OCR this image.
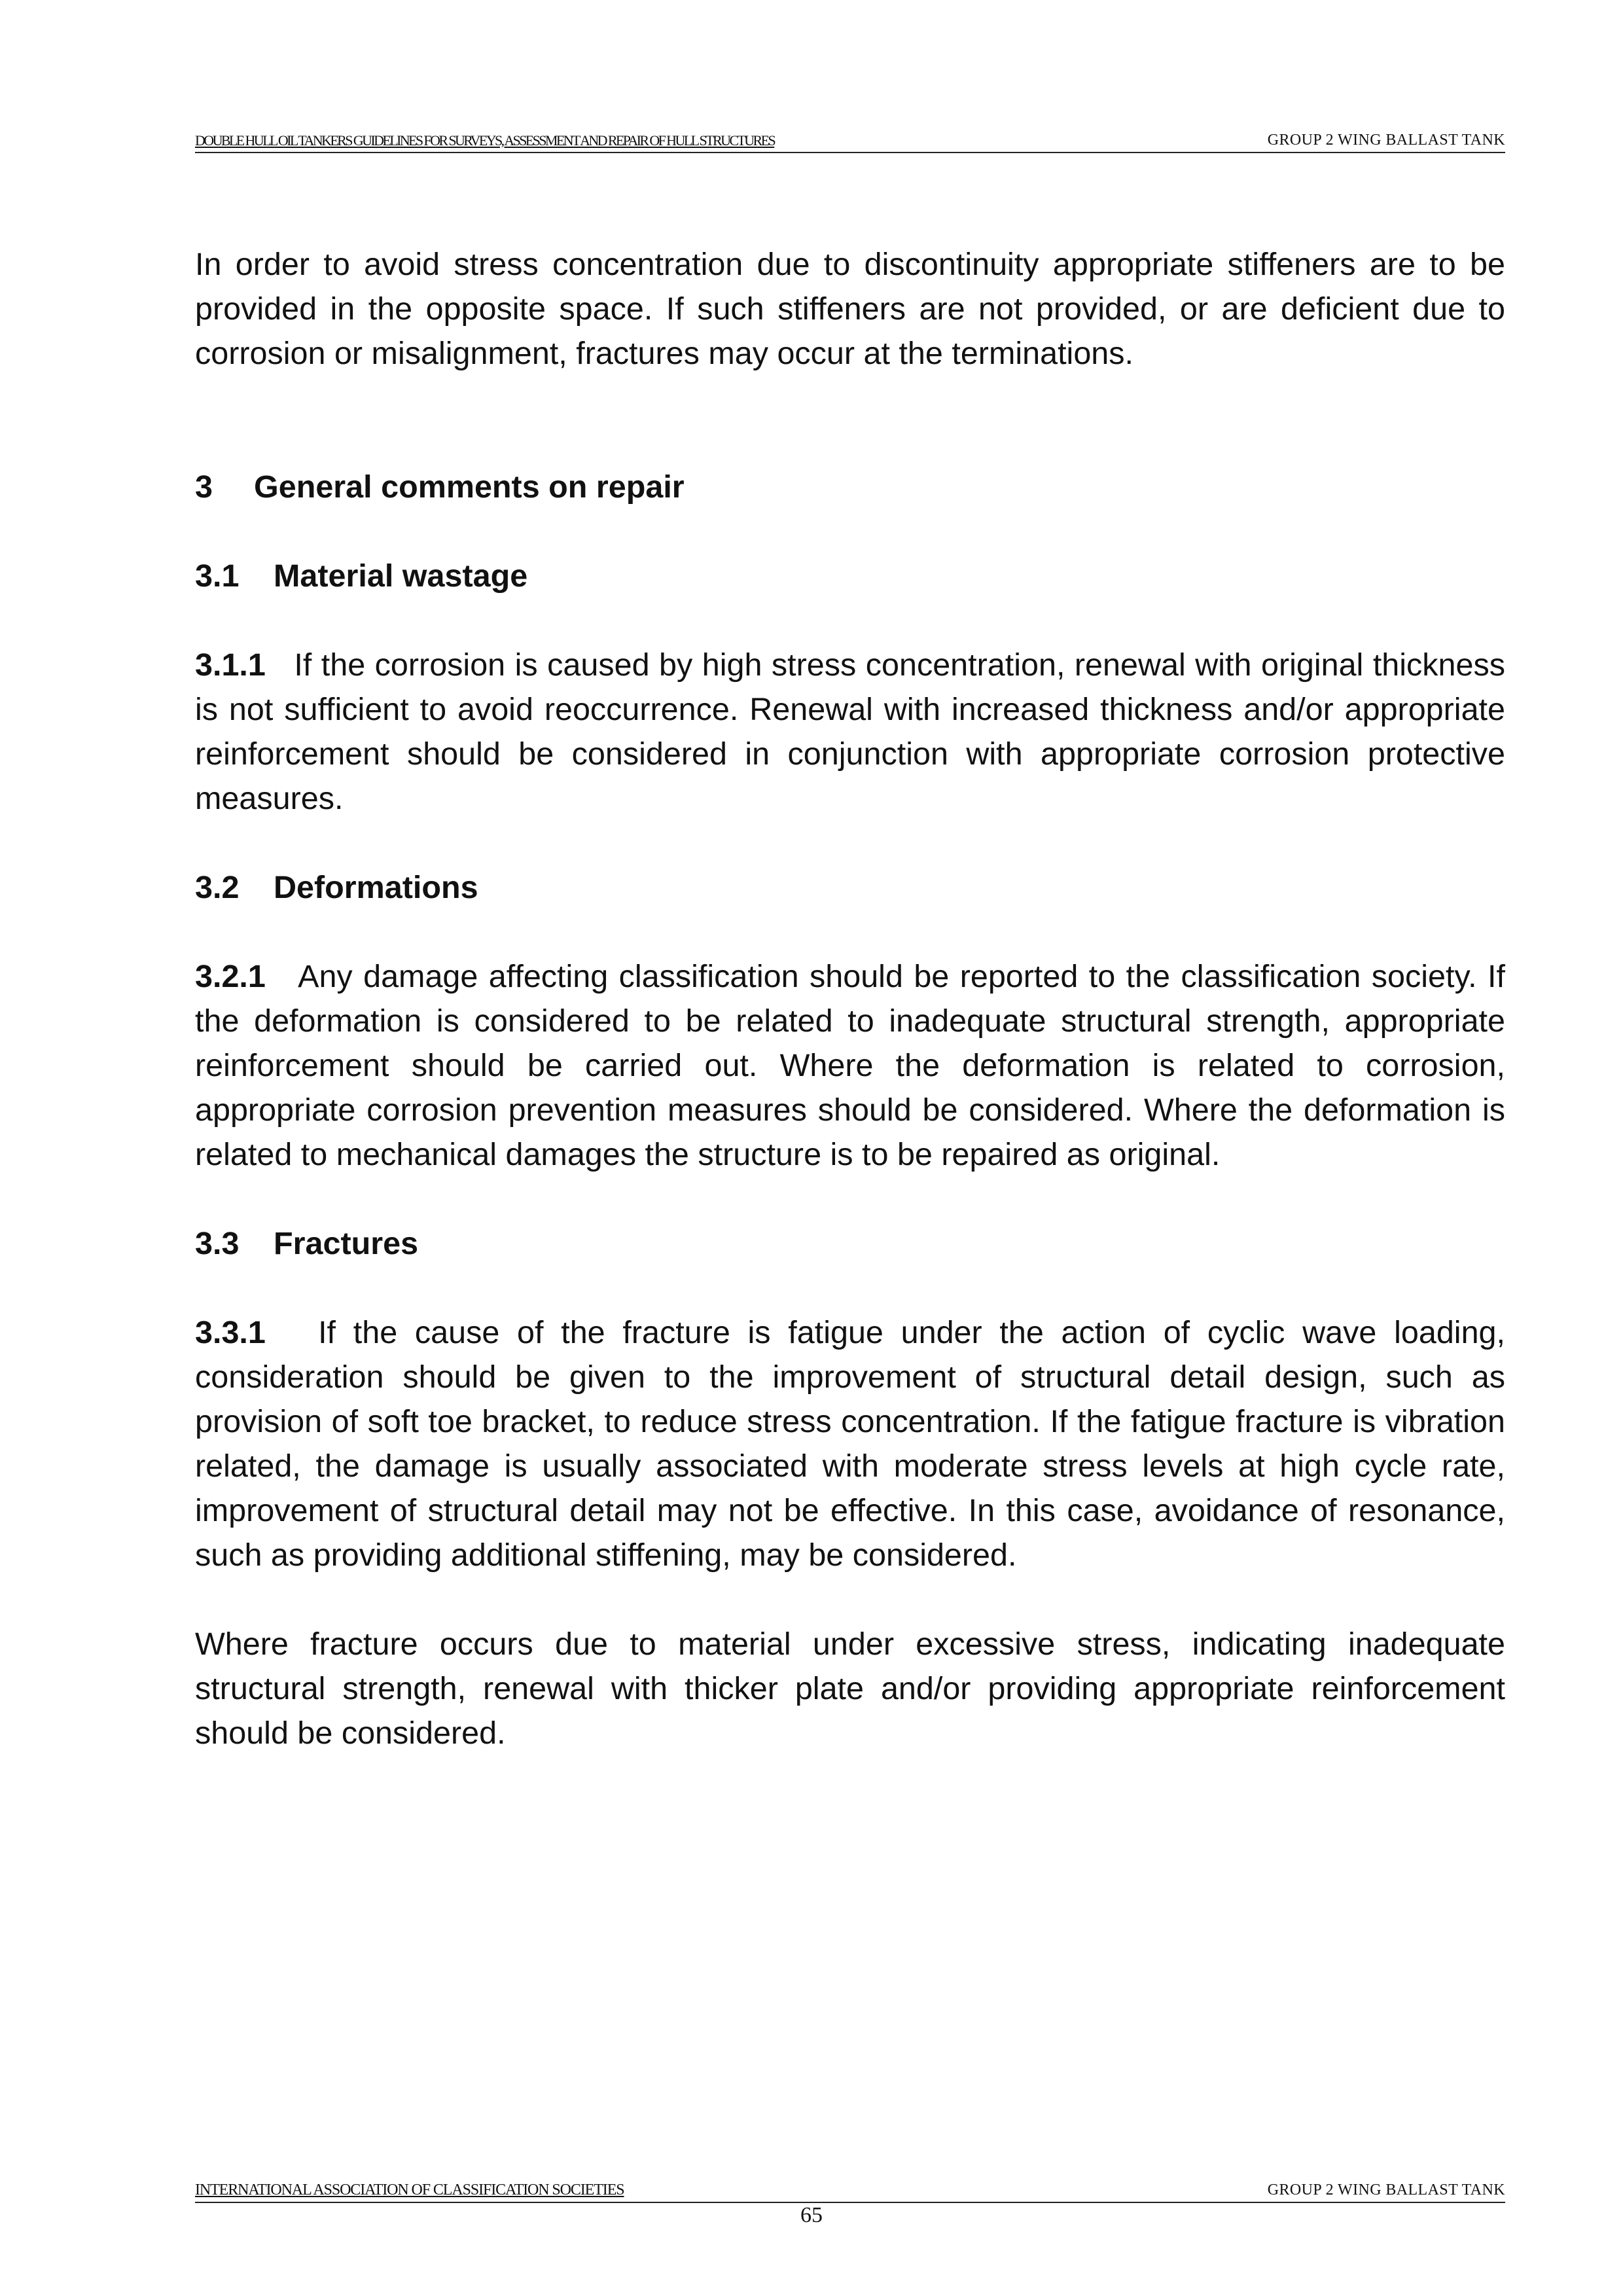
DOUBLE HULL OIL TANKERS GUIDELINES FOR SURVEYS, ASSESSMENT AND REPAIR OF HULL STRUCTURES	GROUP 2 WING BALLAST TANK

In order to avoid stress concentration due to discontinuity appropriate stiffeners are to be provided in the opposite space. If such stiffeners are not provided, or are deficient due to corrosion or misalignment, fractures may occur at the terminations.

3 General comments on repair
3.1 Material wastage

3.1.1 If the corrosion is caused by high stress concentration, renewal with original thickness is not sufficient to avoid reoccurrence. Renewal with increased thickness and/or appropriate reinforcement should be considered in conjunction with appropriate corrosion protective measures.

3.2 Deformations

3.2.1 Any damage affecting classification should be reported to the classification society. If the deformation is considered to be related to inadequate structural strength, appropriate reinforcement should be carried out. Where the deformation is related to corrosion, appropriate corrosion prevention measures should be considered. Where the deformation is related to mechanical damages the structure is to be repaired as original.

3.3 Fractures

3.3.1 If the cause of the fracture is fatigue under the action of cyclic wave loading, consideration should be given to the improvement of structural detail design, such as provision of soft toe bracket, to reduce stress concentration. If the fatigue fracture is vibration related, the damage is usually associated with moderate stress levels at high cycle rate, improvement of structural detail may not be effective. In this case, avoidance of resonance, such as providing additional stiffening, may be considered.

Where fracture occurs due to material under excessive stress, indicating inadequate structural strength, renewal with thicker plate and/or providing appropriate reinforcement should be considered.

INTERNATIONAL ASSOCIATION OF CLASSIFICATION SOCIETIES	GROUP 2 WING BALLAST TANK
65
